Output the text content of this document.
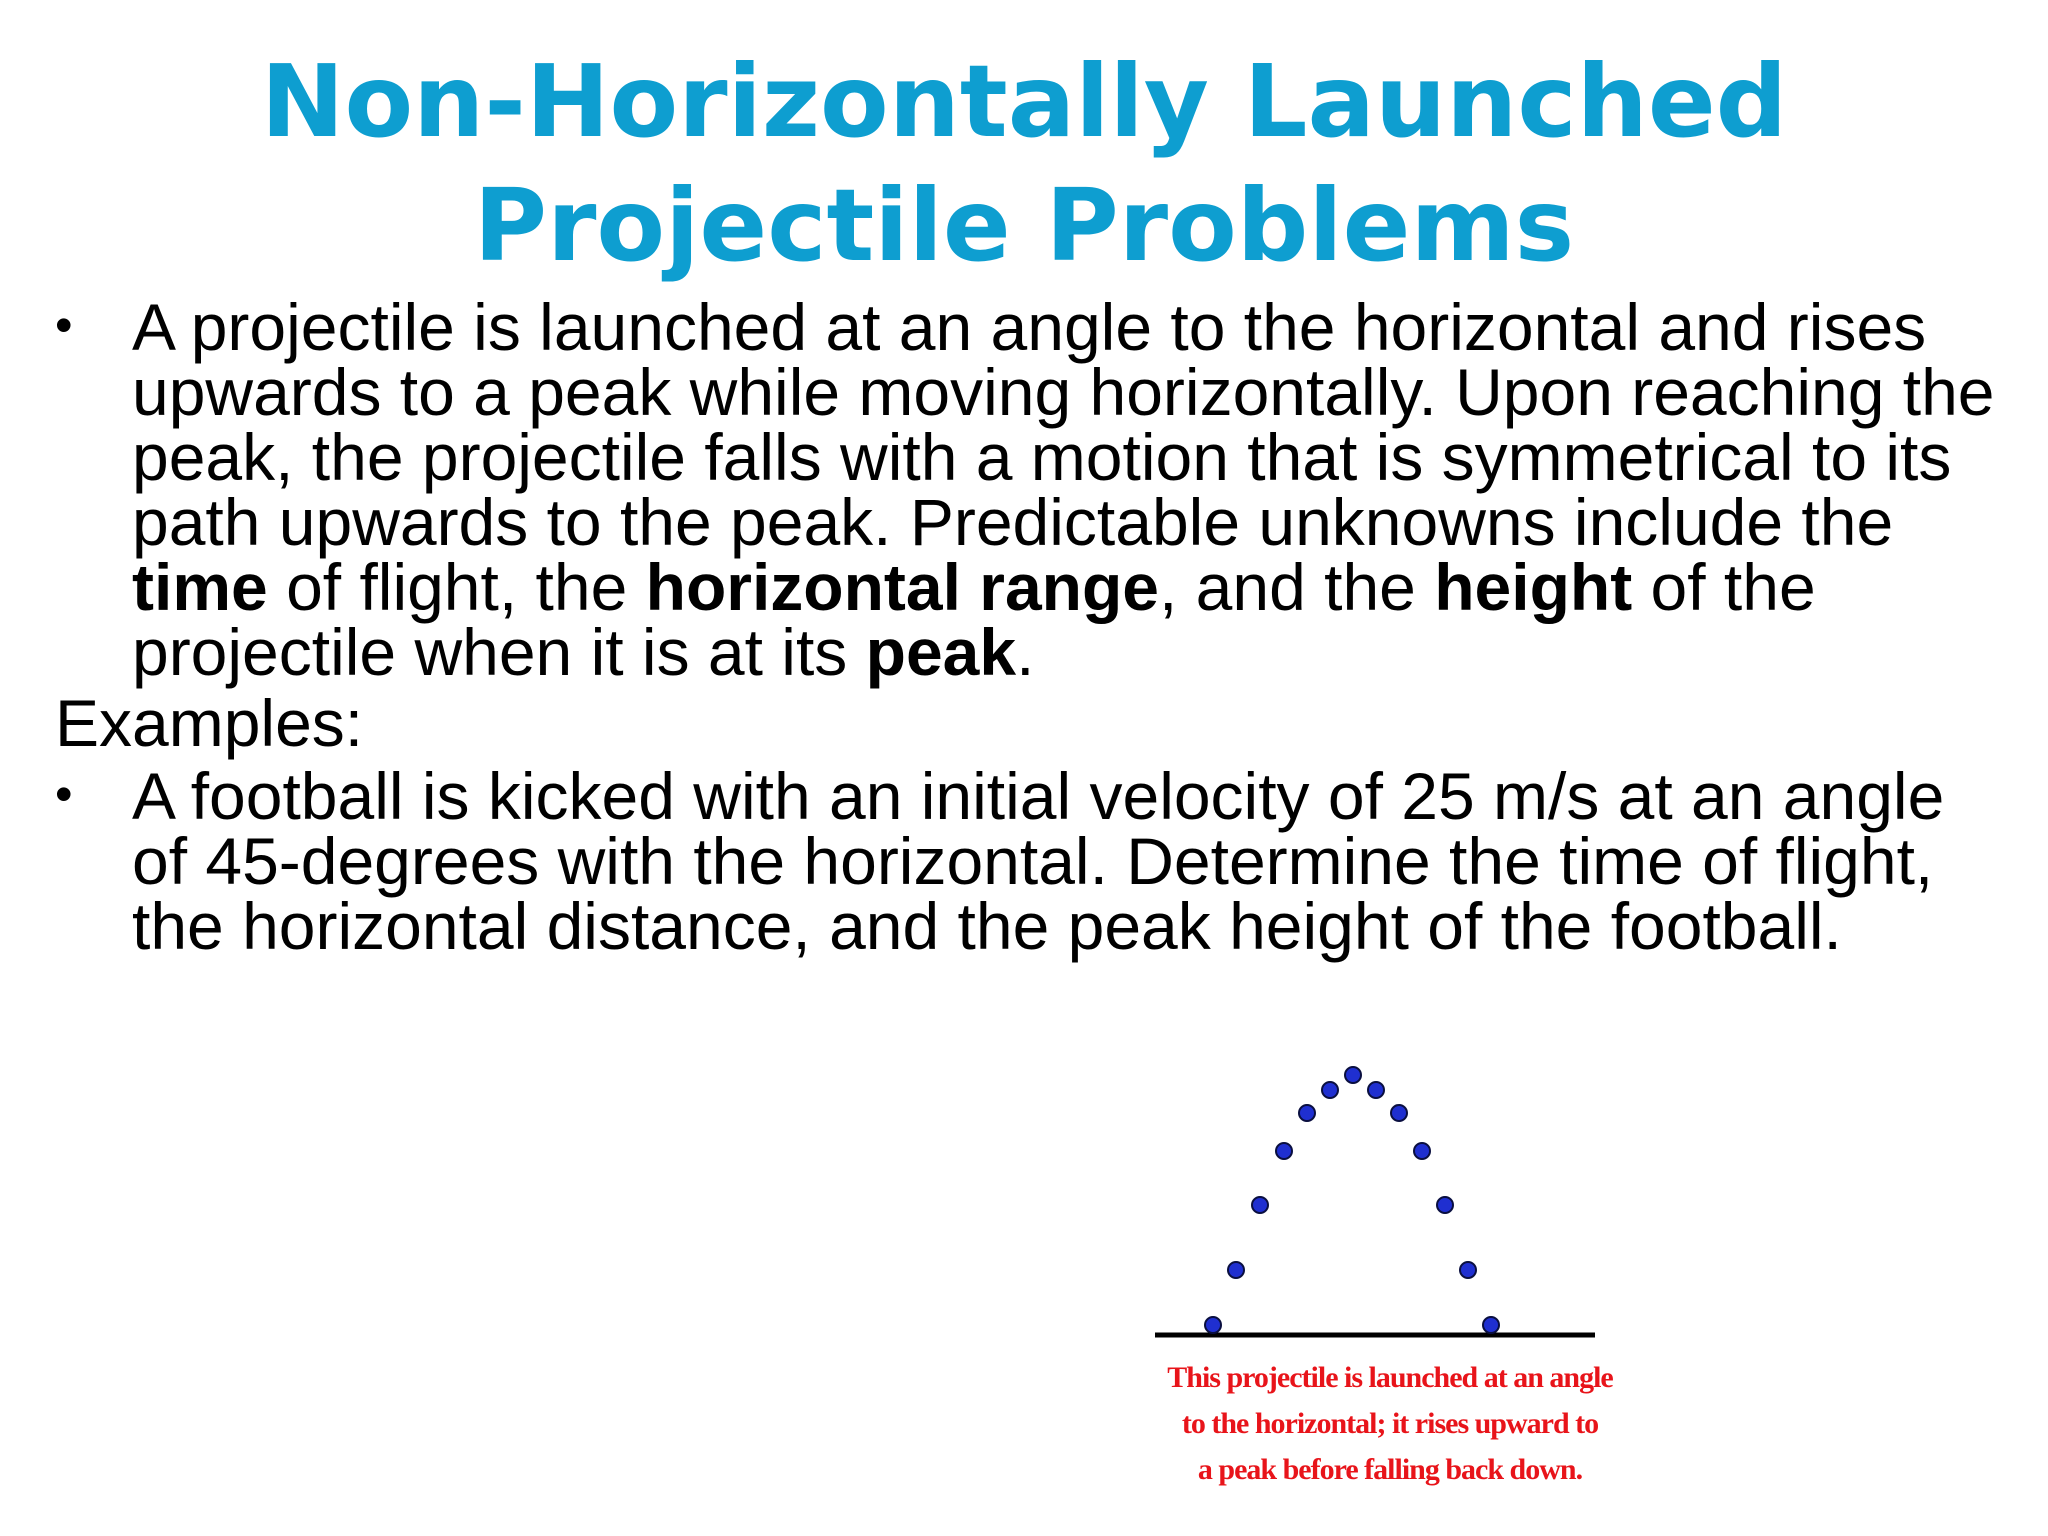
Non-Horizontally Launched
Projectile Problems
• A projectile is launched at an angle to the horizontal and rises upwards to a peak while moving horizontally. Upon reaching the peak, the projectile falls with a motion that is symmetrical to its path upwards to the peak. Predictable unknowns include the time of flight, the horizontal range, and the height of the projectile when it is at its peak.
Examples:
• A football is kicked with an initial velocity of 25 m/s at an angle of 45-degrees with the horizontal. Determine the time of flight, the horizontal distance, and the peak height of the football.
This projectile is launched at an angle
to the horizontal; it rises upward to
a peak before falling back down.
